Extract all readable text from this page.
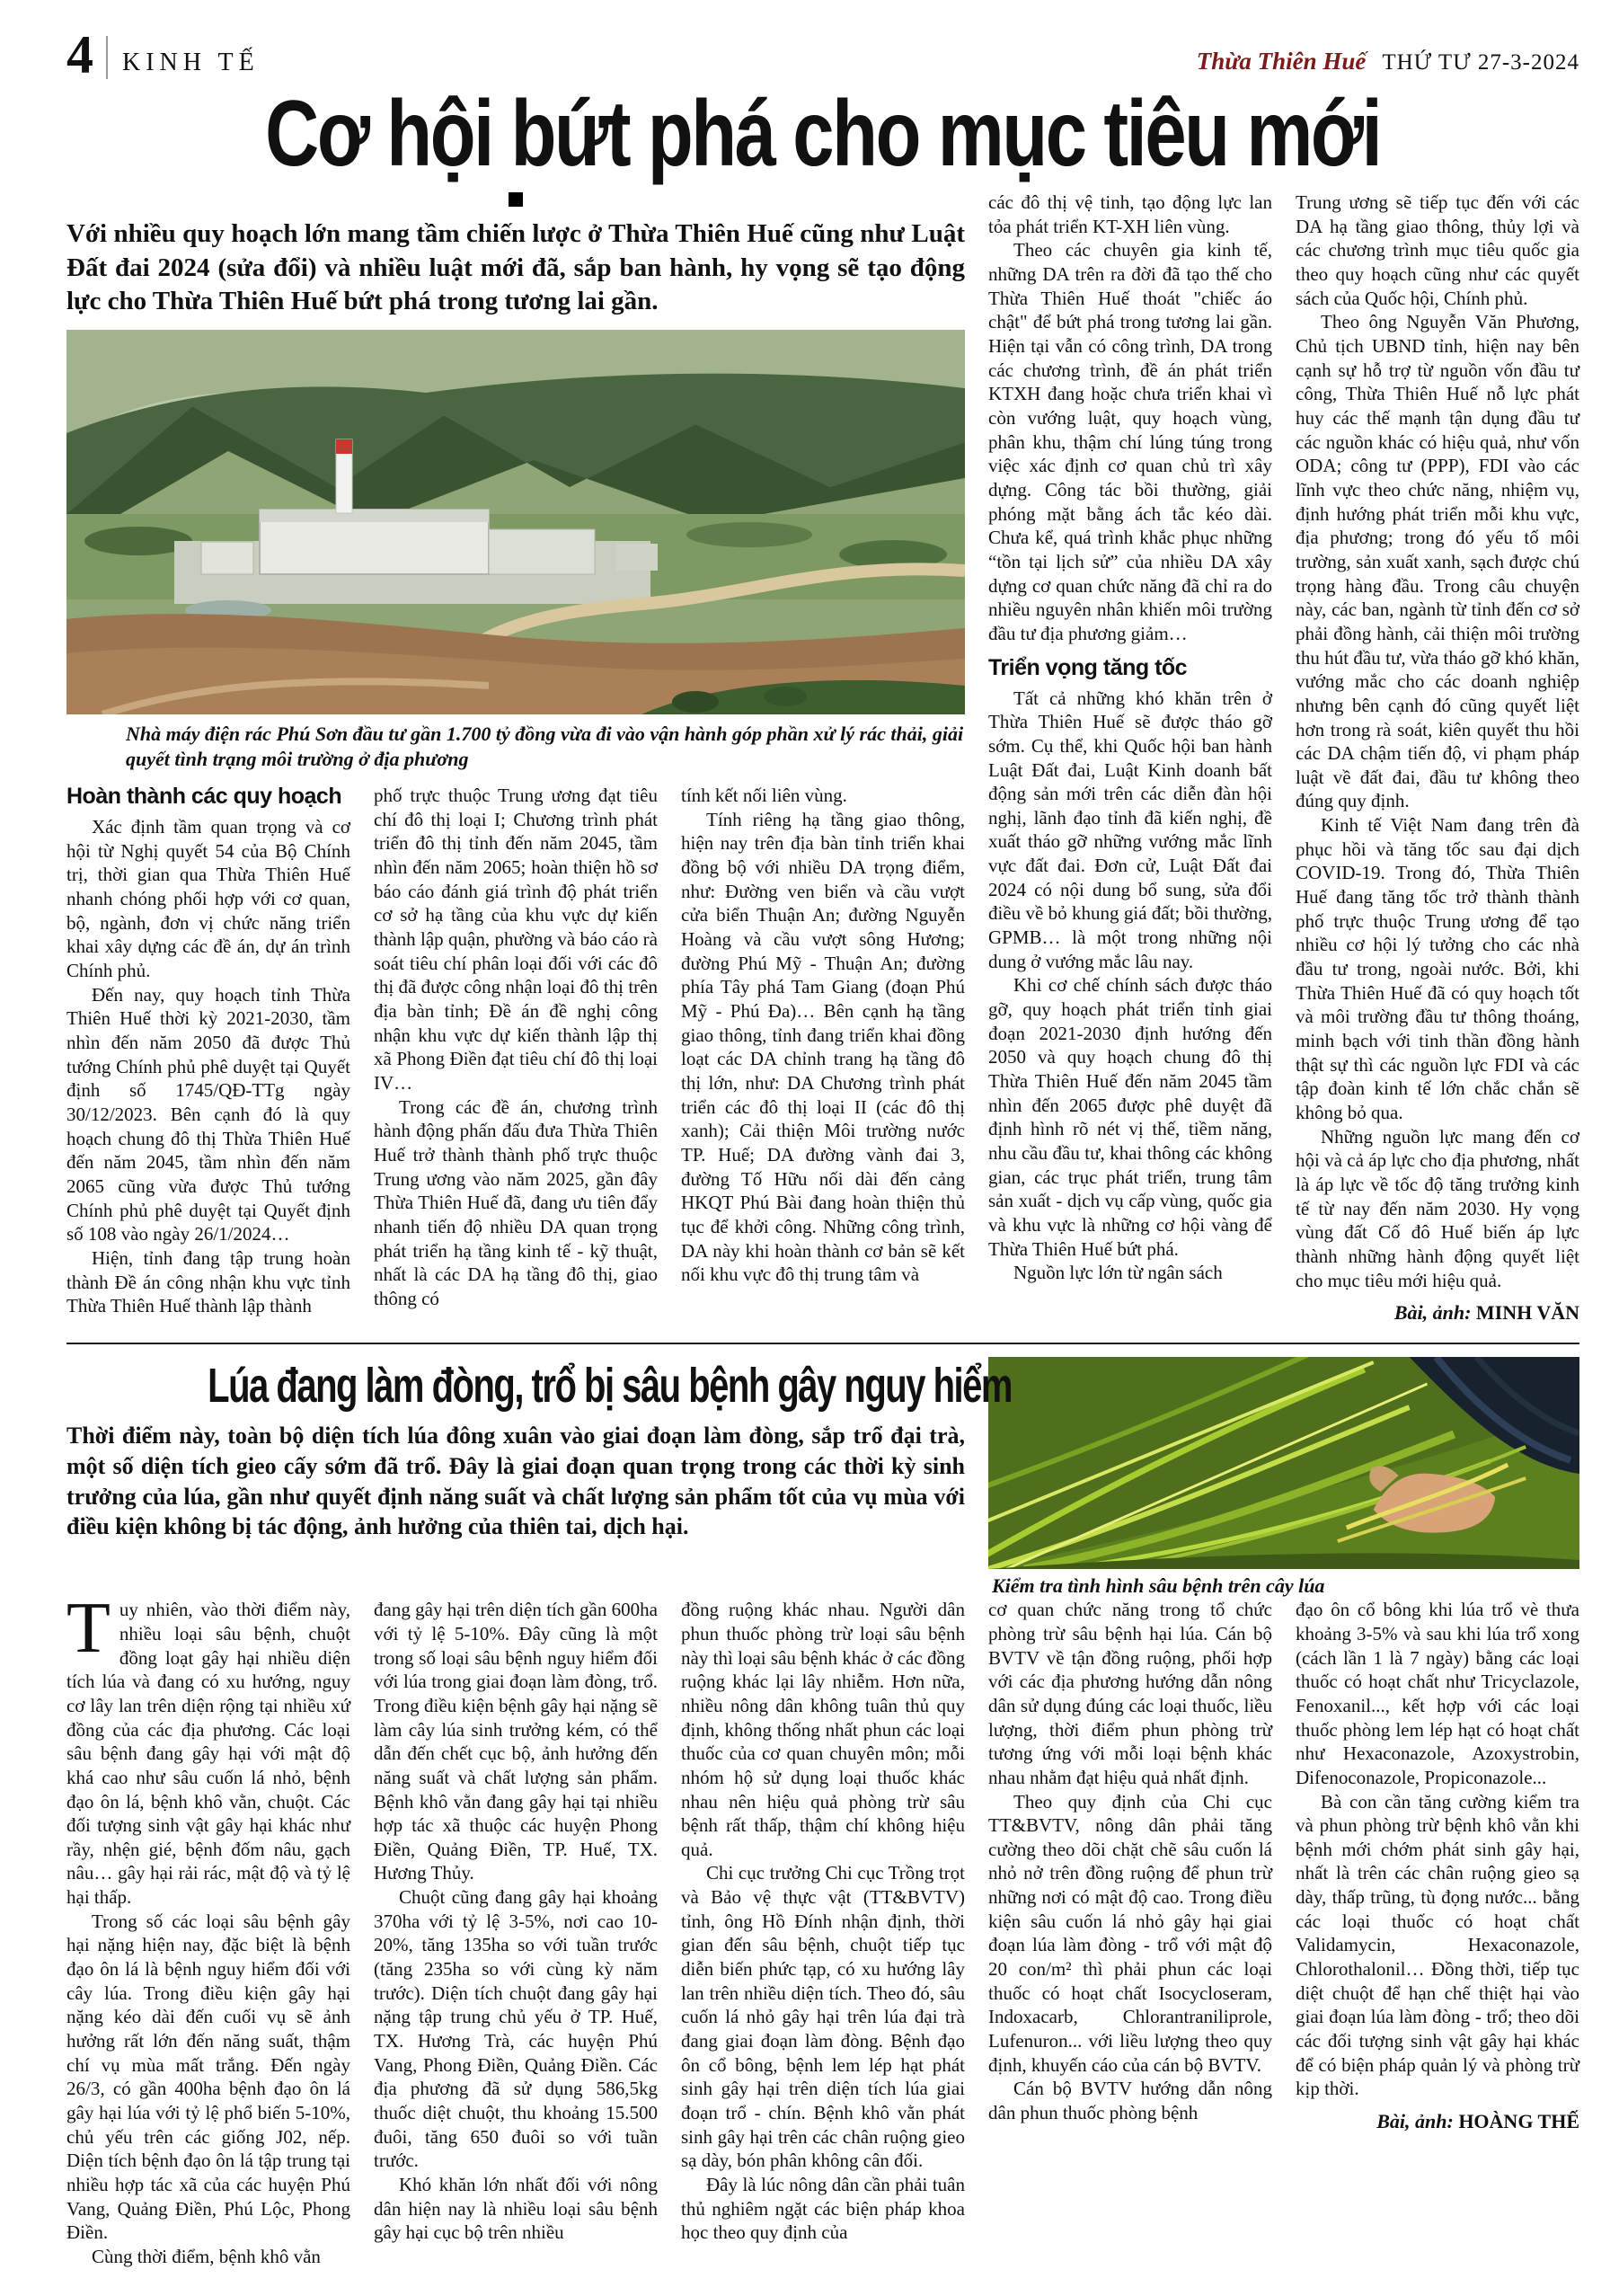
4 KINH TẾ	Thừa Thiên Huế THỨ TƯ 27-3-2024
Cơ hội bứt phá cho mục tiêu mới

Với nhiều quy hoạch lớn mang tầm chiến lược ở Thừa Thiên Huế cũng như Luật Đất đai 2024 (sửa đổi) và nhiều luật mới đã, sắp ban hành, hy vọng sẽ tạo động lực cho Thừa Thiên Huế bứt phá trong tương lai gần.

Nhà máy điện rác Phú Sơn đầu tư gần 1.700 tỷ đồng vừa đi vào vận hành góp phần xử lý rác thải, giải quyết tình trạng môi trường ở địa phương

Hoàn thành các quy hoạch

Xác định tầm quan trọng và cơ hội từ Nghị quyết 54 của Bộ Chính trị, thời gian qua Thừa Thiên Huế nhanh chóng phối hợp với cơ quan, bộ, ngành, đơn vị chức năng triển khai xây dựng các đề án, dự án trình Chính phủ.

Đến nay, quy hoạch tỉnh Thừa Thiên Huế thời kỳ 2021-2030, tầm nhìn đến năm 2050 đã được Thủ tướng Chính phủ phê duyệt tại Quyết định số 1745/QĐ-TTg ngày 30/12/2023. Bên cạnh đó là quy hoạch chung đô thị Thừa Thiên Huế đến năm 2045, tầm nhìn đến năm 2065 cũng vừa được Thủ tướng Chính phủ phê duyệt tại Quyết định số 108 vào ngày 26/1/2024…

Hiện, tỉnh đang tập trung hoàn thành Đề án công nhận khu vực tỉnh Thừa Thiên Huế thành lập thành

phố trực thuộc Trung ương đạt tiêu chí đô thị loại I; Chương trình phát triển đô thị tỉnh đến năm 2045, tầm nhìn đến năm 2065; hoàn thiện hồ sơ báo cáo đánh giá trình độ phát triển cơ sở hạ tầng của khu vực dự kiến thành lập quận, phường và báo cáo rà soát tiêu chí phân loại đối với các đô thị đã được công nhận loại đô thị trên địa bàn tỉnh; Đề án đề nghị công nhận khu vực dự kiến thành lập thị xã Phong Điền đạt tiêu chí đô thị loại IV…

Trong các đề án, chương trình hành động phấn đấu đưa Thừa Thiên Huế trở thành thành phố trực thuộc Trung ương vào năm 2025, gần đây Thừa Thiên Huế đã, đang ưu tiên đẩy nhanh tiến độ nhiều DA quan trọng phát triển hạ tầng kinh tế - kỹ thuật, nhất là các DA hạ tầng đô thị, giao thông có

tính kết nối liên vùng.

Tính riêng hạ tầng giao thông, hiện nay trên địa bàn tỉnh triển khai đồng bộ với nhiều DA trọng điểm, như: Đường ven biển và cầu vượt cửa biển Thuận An; đường Nguyễn Hoàng và cầu vượt sông Hương; đường Phú Mỹ - Thuận An; đường phía Tây phá Tam Giang (đoạn Phú Mỹ - Phú Đa)… Bên cạnh hạ tầng giao thông, tỉnh đang triển khai đồng loạt các DA chỉnh trang hạ tầng đô thị lớn, như: DA Chương trình phát triển các đô thị loại II (các đô thị xanh); Cải thiện Môi trường nước TP. Huế; DA đường vành đai 3, đường Tố Hữu nối dài đến cảng HKQT Phú Bài đang hoàn thiện thủ tục để khởi công. Những công trình, DA này khi hoàn thành cơ bản sẽ kết nối khu vực đô thị trung tâm và

các đô thị vệ tinh, tạo động lực lan tỏa phát triển KT-XH liên vùng.

Theo các chuyên gia kinh tế, những DA trên ra đời đã tạo thế cho Thừa Thiên Huế thoát "chiếc áo chật" để bứt phá trong tương lai gần. Hiện tại vẫn có công trình, DA trong các chương trình, đề án phát triển KTXH đang hoặc chưa triển khai vì còn vướng luật, quy hoạch vùng, phân khu, thậm chí lúng túng trong việc xác định cơ quan chủ trì xây dựng. Công tác bồi thường, giải phóng mặt bằng ách tắc kéo dài. Chưa kể, quá trình khắc phục những “tồn tại lịch sử” của nhiều DA xây dựng cơ quan chức năng đã chỉ ra do nhiều nguyên nhân khiến môi trường đầu tư địa phương giảm…

Triển vọng tăng tốc

Tất cả những khó khăn trên ở Thừa Thiên Huế sẽ được tháo gỡ sớm. Cụ thể, khi Quốc hội ban hành Luật Đất đai, Luật Kinh doanh bất động sản mới trên các diễn đàn hội nghị, lãnh đạo tỉnh đã kiến nghị, đề xuất tháo gỡ những vướng mắc lĩnh vực đất đai. Đơn cử, Luật Đất đai 2024 có nội dung bổ sung, sửa đổi điều về bỏ khung giá đất; bồi thường, GPMB… là một trong những nội dung ở vướng mắc lâu nay.

Khi cơ chế chính sách được tháo gỡ, quy hoạch phát triển tỉnh giai đoạn 2021-2030 định hướng đến 2050 và quy hoạch chung đô thị Thừa Thiên Huế đến năm 2045 tầm nhìn đến 2065 được phê duyệt đã định hình rõ nét vị thế, tiềm năng, nhu cầu đầu tư, khai thông các không gian, các trục phát triển, trung tâm sản xuất - dịch vụ cấp vùng, quốc gia và khu vực là những cơ hội vàng để Thừa Thiên Huế bứt phá.

Nguồn lực lớn từ ngân sách

Trung ương sẽ tiếp tục đến với các DA hạ tầng giao thông, thủy lợi và các chương trình mục tiêu quốc gia theo quy hoạch cũng như các quyết sách của Quốc hội, Chính phủ.

Theo ông Nguyễn Văn Phương, Chủ tịch UBND tỉnh, hiện nay bên cạnh sự hỗ trợ từ nguồn vốn đầu tư công, Thừa Thiên Huế nỗ lực phát huy các thế mạnh tận dụng đầu tư các nguồn khác có hiệu quả, như vốn ODA; công tư (PPP), FDI vào các lĩnh vực theo chức năng, nhiệm vụ, định hướng phát triển mỗi khu vực, địa phương; trong đó yếu tố môi trường, sản xuất xanh, sạch được chú trọng hàng đầu. Trong câu chuyện này, các ban, ngành từ tỉnh đến cơ sở phải đồng hành, cải thiện môi trường thu hút đầu tư, vừa tháo gỡ khó khăn, vướng mắc cho các doanh nghiệp nhưng bên cạnh đó cũng quyết liệt hơn trong rà soát, kiên quyết thu hồi các DA chậm tiến độ, vi phạm pháp luật về đất đai, đầu tư không theo đúng quy định.

Kinh tế Việt Nam đang trên đà phục hồi và tăng tốc sau đại dịch COVID-19. Trong đó, Thừa Thiên Huế đang tăng tốc trở thành thành phố trực thuộc Trung ương để tạo nhiều cơ hội lý tưởng cho các nhà đầu tư trong, ngoài nước. Bởi, khi Thừa Thiên Huế đã có quy hoạch tốt và môi trường đầu tư thông thoáng, minh bạch với tinh thần đồng hành thật sự thì các nguồn lực FDI và các tập đoàn kinh tế lớn chắc chắn sẽ không bỏ qua.

Những nguồn lực mang đến cơ hội và cả áp lực cho địa phương, nhất là áp lực về tốc độ tăng trưởng kinh tế từ nay đến năm 2030. Hy vọng vùng đất Cố đô Huế biến áp lực thành những hành động quyết liệt cho mục tiêu mới hiệu quả.

Bài, ảnh: MINH VĂN

Lúa đang làm đòng, trổ bị sâu bệnh gây nguy hiểm

Thời điểm này, toàn bộ diện tích lúa đông xuân vào giai đoạn làm đòng, sắp trổ đại trà, một số diện tích gieo cấy sớm đã trổ. Đây là giai đoạn quan trọng trong các thời kỳ sinh trưởng của lúa, gần như quyết định năng suất và chất lượng sản phẩm tốt của vụ mùa với điều kiện không bị tác động, ảnh hưởng của thiên tai, dịch hại.

Kiểm tra tình hình sâu bệnh trên cây lúa

Tuy nhiên, vào thời điểm này, nhiều loại sâu bệnh, chuột đồng loạt gây hại nhiều diện tích lúa và đang có xu hướng, nguy cơ lây lan trên diện rộng tại nhiều xứ đồng của các địa phương. Các loại sâu bệnh đang gây hại với mật độ khá cao như sâu cuốn lá nhỏ, bệnh đạo ôn lá, bệnh khô vằn, chuột. Các đối tượng sinh vật gây hại khác như rầy, nhện gié, bệnh đốm nâu, gạch nâu… gây hại rải rác, mật độ và tỷ lệ hại thấp.

Trong số các loại sâu bệnh gây hại nặng hiện nay, đặc biệt là bệnh đạo ôn lá là bệnh nguy hiểm đối với cây lúa. Trong điều kiện gây hại nặng kéo dài đến cuối vụ sẽ ảnh hưởng rất lớn đến năng suất, thậm chí vụ mùa mất trắng. Đến ngày 26/3, có gần 400ha bệnh đạo ôn lá gây hại lúa với tỷ lệ phổ biến 5-10%, chủ yếu trên các giống J02, nếp. Diện tích bệnh đạo ôn lá tập trung tại nhiều hợp tác xã của các huyện Phú Vang, Quảng Điền, Phú Lộc, Phong Điền.

Cùng thời điểm, bệnh khô vằn

đang gây hại trên diện tích gần 600ha với tỷ lệ 5-10%. Đây cũng là một trong số loại sâu bệnh nguy hiểm đối với lúa trong giai đoạn làm đòng, trổ. Trong điều kiện bệnh gây hại nặng sẽ làm cây lúa sinh trưởng kém, có thể dẫn đến chết cục bộ, ảnh hưởng đến năng suất và chất lượng sản phẩm. Bệnh khô vằn đang gây hại tại nhiều hợp tác xã thuộc các huyện Phong Điền, Quảng Điền, TP. Huế, TX. Hương Thủy.

Chuột cũng đang gây hại khoảng 370ha với tỷ lệ 3-5%, nơi cao 10-20%, tăng 135ha so với tuần trước (tăng 235ha so với cùng kỳ năm trước). Diện tích chuột đang gây hại nặng tập trung chủ yếu ở TP. Huế, TX. Hương Trà, các huyện Phú Vang, Phong Điền, Quảng Điền. Các địa phương đã sử dụng 586,5kg thuốc diệt chuột, thu khoảng 15.500 đuôi, tăng 650 đuôi so với tuần trước.

Khó khăn lớn nhất đối với nông dân hiện nay là nhiều loại sâu bệnh gây hại cục bộ trên nhiều

đồng ruộng khác nhau. Người dân phun thuốc phòng trừ loại sâu bệnh này thì loại sâu bệnh khác ở các đồng ruộng khác lại lây nhiễm. Hơn nữa, nhiều nông dân không tuân thủ quy định, không thống nhất phun các loại thuốc của cơ quan chuyên môn; mỗi nhóm hộ sử dụng loại thuốc khác nhau nên hiệu quả phòng trừ sâu bệnh rất thấp, thậm chí không hiệu quả.

Chi cục trưởng Chi cục Trồng trọt và Bảo vệ thực vật (TT&BVTV) tỉnh, ông Hồ Đính nhận định, thời gian đến sâu bệnh, chuột tiếp tục diễn biến phức tạp, có xu hướng lây lan trên nhiều diện tích. Theo đó, sâu cuốn lá nhỏ gây hại trên lúa đại trà đang giai đoạn làm đòng. Bệnh đạo ôn cổ bông, bệnh lem lép hạt phát sinh gây hại trên diện tích lúa giai đoạn trổ - chín. Bệnh khô vằn phát sinh gây hại trên các chân ruộng gieo sạ dày, bón phân không cân đối.

Đây là lúc nông dân cần phải tuân thủ nghiêm ngặt các biện pháp khoa học theo quy định của

cơ quan chức năng trong tổ chức phòng trừ sâu bệnh hại lúa. Cán bộ BVTV về tận đồng ruộng, phối hợp với các địa phương hướng dẫn nông dân sử dụng đúng các loại thuốc, liều lượng, thời điểm phun phòng trừ tương ứng với mỗi loại bệnh khác nhau nhằm đạt hiệu quả nhất định.

Theo quy định của Chi cục TT&BVTV, nông dân phải tăng cường theo dõi chặt chẽ sâu cuốn lá nhỏ nở trên đồng ruộng để phun trừ những nơi có mật độ cao. Trong điều kiện sâu cuốn lá nhỏ gây hại giai đoạn lúa làm đòng - trổ với mật độ 20 con/m² thì phải phun các loại thuốc có hoạt chất Isocycloseram, Indoxacarb, Chlorantraniliprole, Lufenuron... với liều lượng theo quy định, khuyến cáo của cán bộ BVTV.

Cán bộ BVTV hướng dẫn nông dân phun thuốc phòng bệnh

đạo ôn cổ bông khi lúa trổ vè thưa khoảng 3-5% và sau khi lúa trổ xong (cách lần 1 là 7 ngày) bằng các loại thuốc có hoạt chất như Tricyclazole, Fenoxanil..., kết hợp với các loại thuốc phòng lem lép hạt có hoạt chất như Hexaconazole, Azoxystrobin, Difenoconazole, Propiconazole...

Bà con cần tăng cường kiểm tra và phun phòng trừ bệnh khô vằn khi bệnh mới chớm phát sinh gây hại, nhất là trên các chân ruộng gieo sạ dày, thấp trũng, tù đọng nước... bằng các loại thuốc có hoạt chất Validamycin, Hexaconazole, Chlorothalonil… Đồng thời, tiếp tục diệt chuột để hạn chế thiệt hại vào giai đoạn lúa làm đòng - trổ; theo dõi các đối tượng sinh vật gây hại khác để có biện pháp quản lý và phòng trừ kịp thời.

Bài, ảnh: HOÀNG THẾ
